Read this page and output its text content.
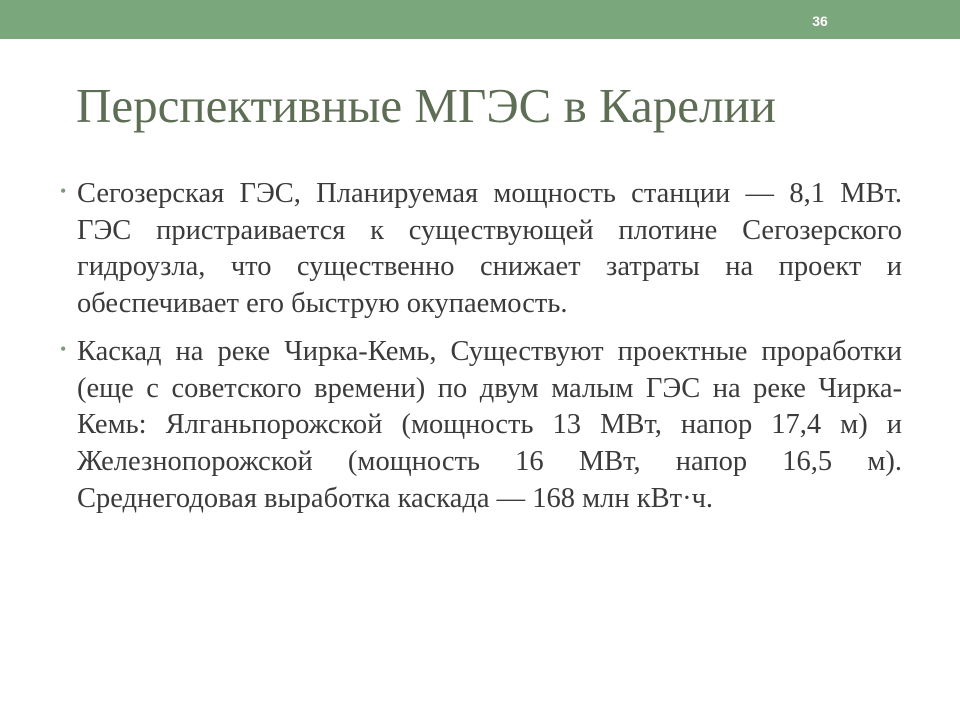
36
Перспективные МГЭС в Карелии
• Сегозерская ГЭС, Планируемая мощность станции — 8,1 МВт. ГЭС пристраивается к существующей плотине Сегозерского гидроузла, что существенно снижает затраты на проект и обеспечивает его быструю окупаемость.
• Каскад на реке Чирка-Кемь, Существуют проектные проработки (еще с советского времени) по двум малым ГЭС на реке Чирка-Кемь: Ялганьпорожской (мощность 13 МВт, напор 17,4 м) и Железнопорожской (мощность 16 МВт, напор 16,5 м). Среднегодовая выработка каскада — 168 млн кВт·ч.
